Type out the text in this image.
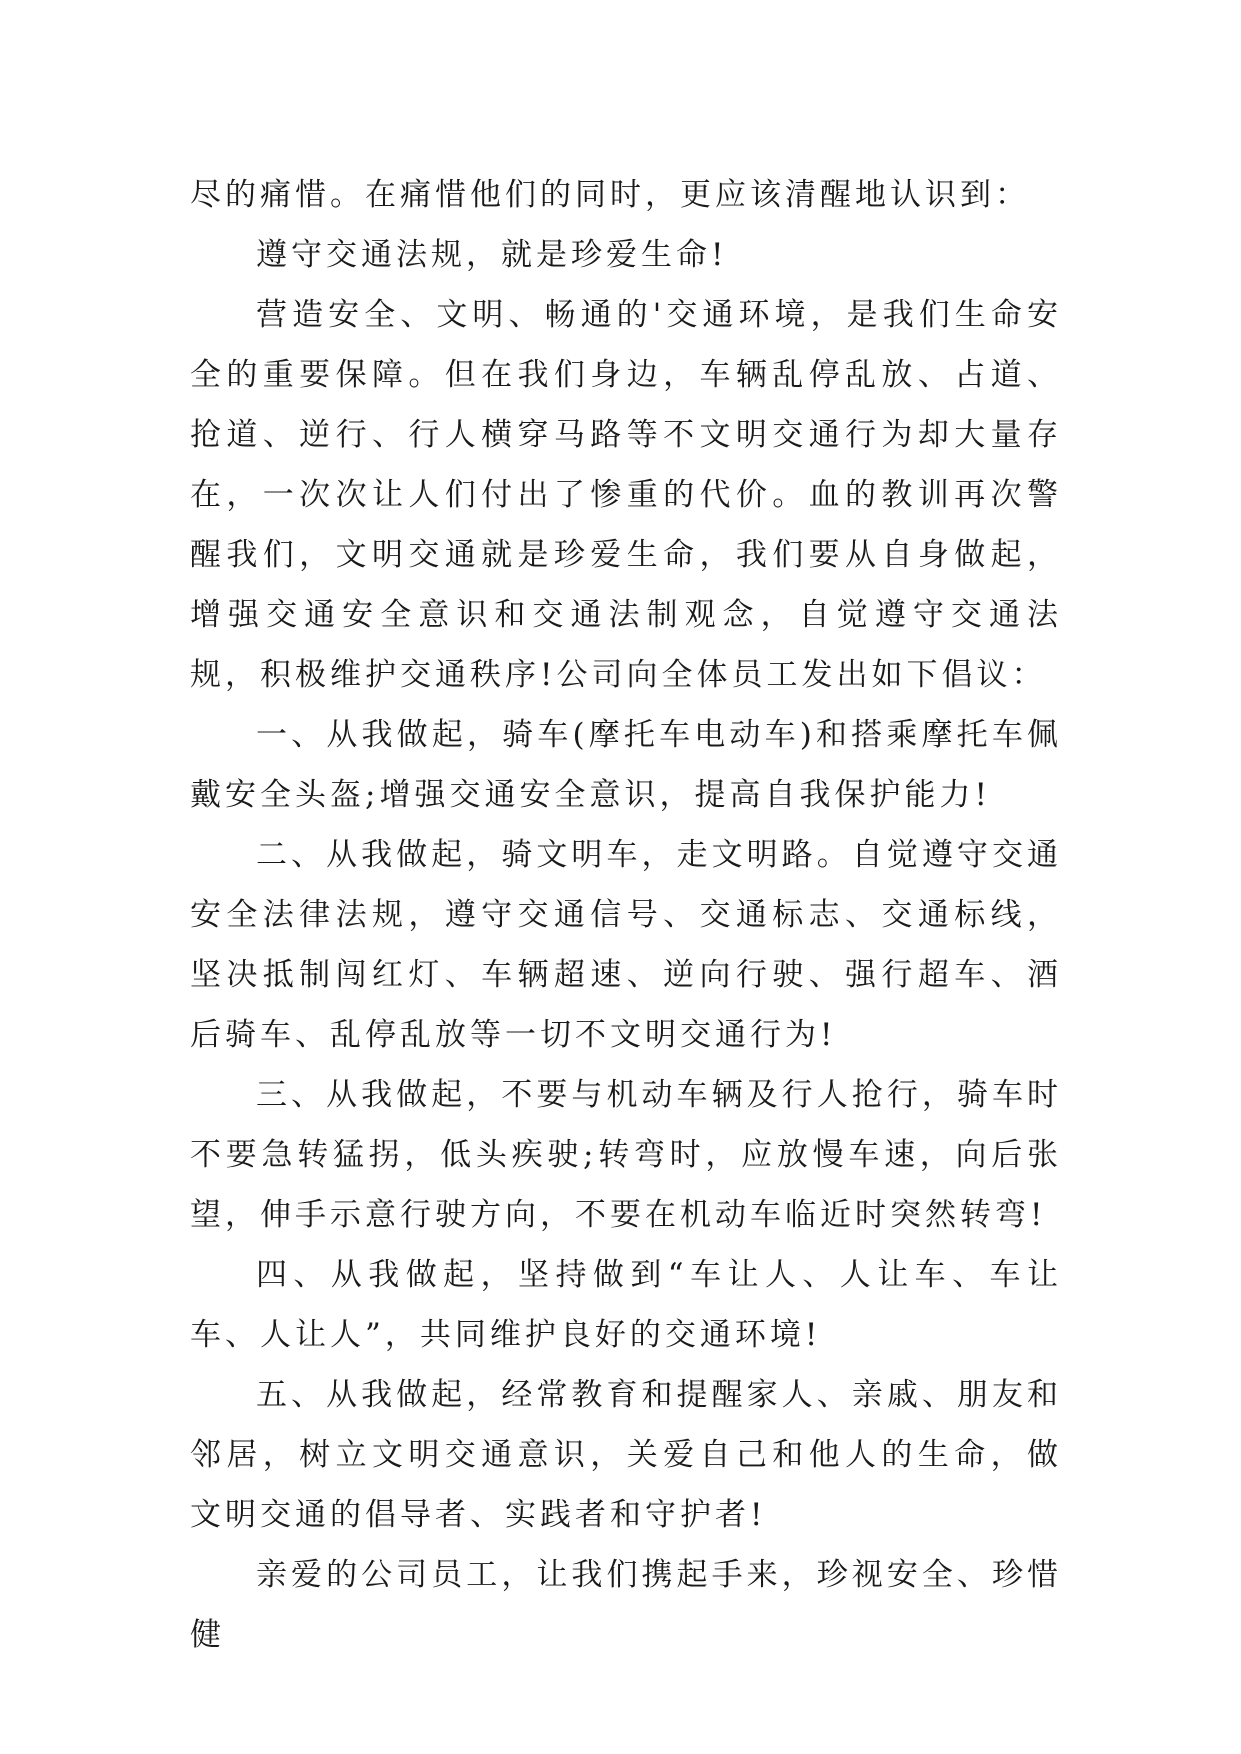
尽的痛惜。在痛惜他们的同时，更应该清醒地认识到：

遵守交通法规，就是珍爱生命!

营造安全、文明、畅通的'交通环境，是我们生命安全的重要保障。但在我们身边，车辆乱停乱放、占道、抢道、逆行、行人横穿马路等不文明交通行为却大量存在，一次次让人们付出了惨重的代价。血的教训再次警醒我们，文明交通就是珍爱生命，我们要从自身做起，增强交通安全意识和交通法制观念，自觉遵守交通法规，积极维护交通秩序!公司向全体员工发出如下倡议：

一、从我做起，骑车(摩托车电动车)和搭乘摩托车佩戴安全头盔;增强交通安全意识，提高自我保护能力!

二、从我做起，骑文明车，走文明路。自觉遵守交通安全法律法规，遵守交通信号、交通标志、交通标线，坚决抵制闯红灯、车辆超速、逆向行驶、强行超车、酒后骑车、乱停乱放等一切不文明交通行为!

三、从我做起，不要与机动车辆及行人抢行，骑车时不要急转猛拐，低头疾驶;转弯时，应放慢车速，向后张望，伸手示意行驶方向，不要在机动车临近时突然转弯!

四、从我做起，坚持做到“车让人、人让车、车让车、人让人”，共同维护良好的交通环境!

五、从我做起，经常教育和提醒家人、亲戚、朋友和邻居，树立文明交通意识，关爱自己和他人的生命，做文明交通的倡导者、实践者和守护者!

亲爱的公司员工，让我们携起手来，珍视安全、珍惜健
